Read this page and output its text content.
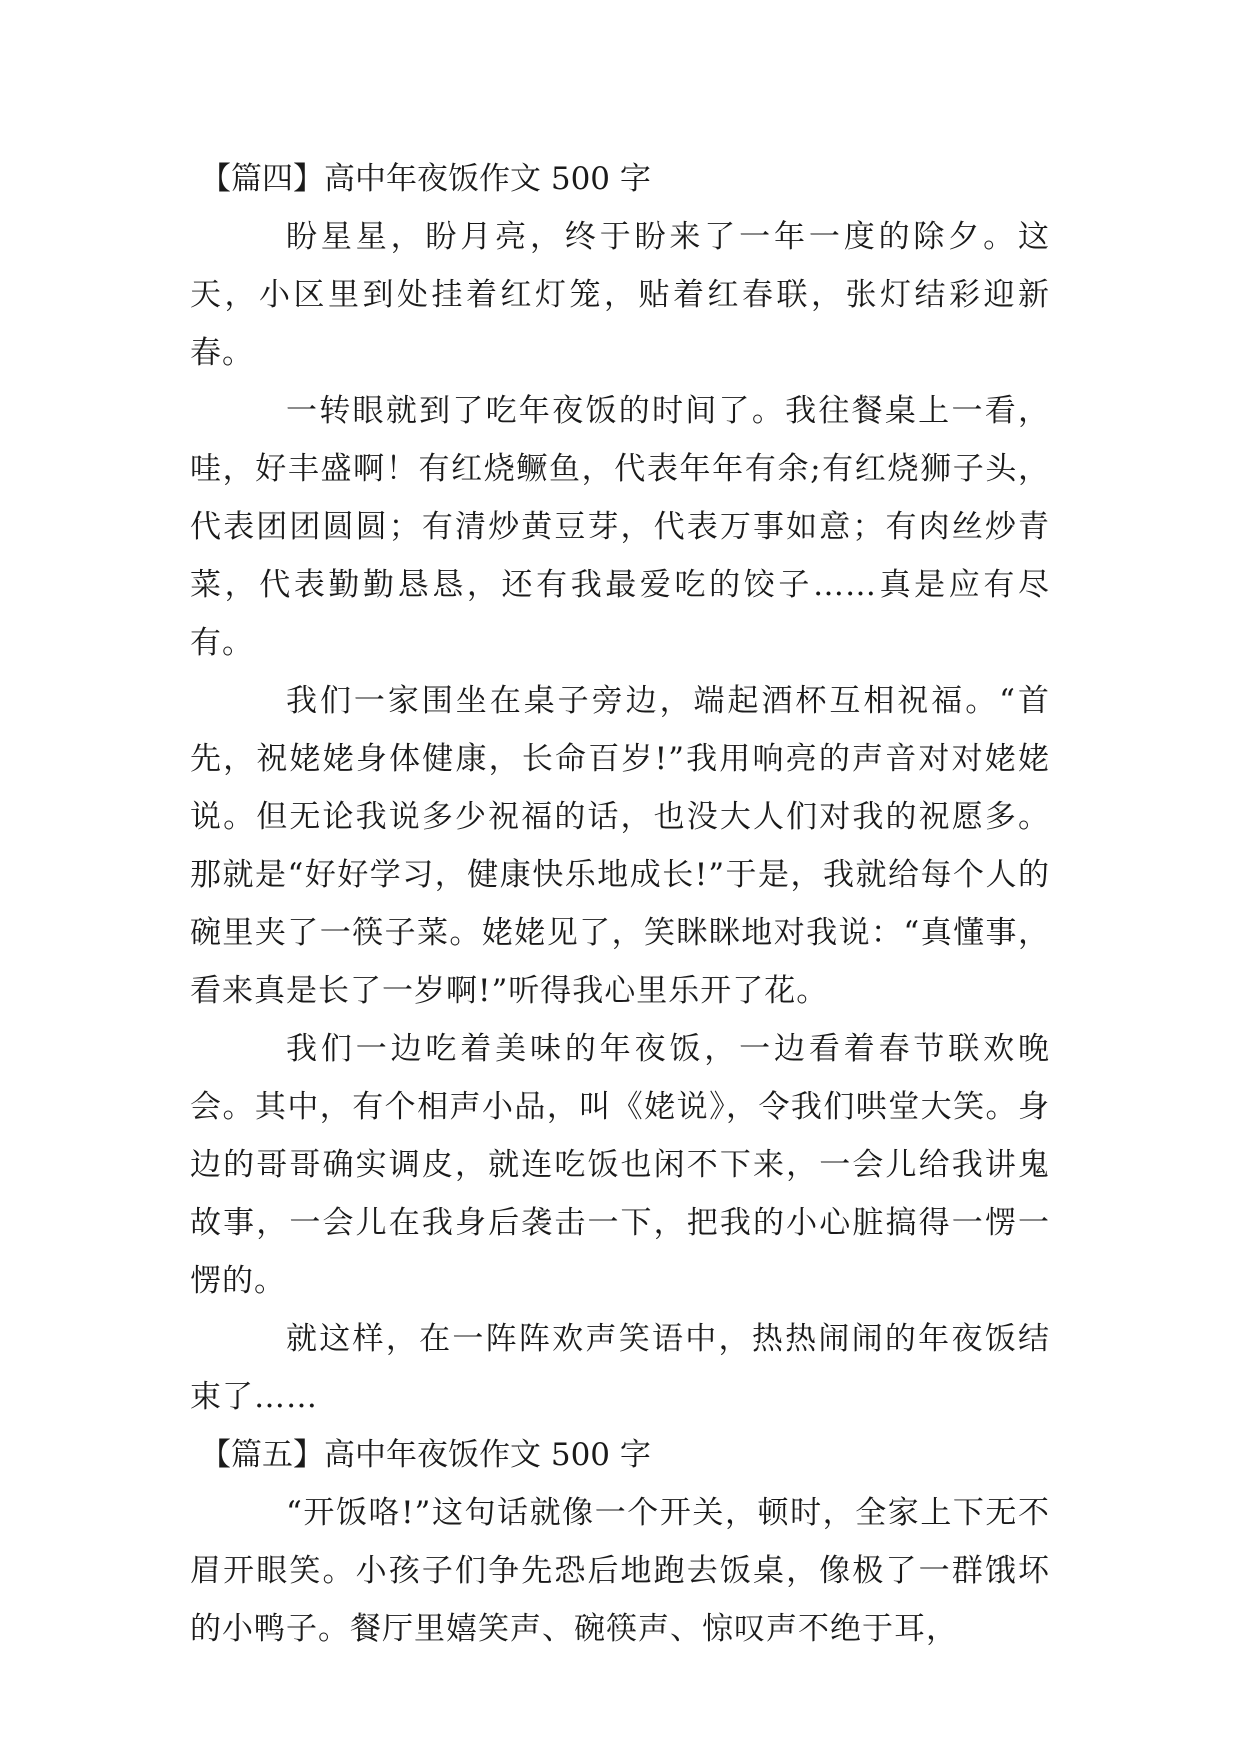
【篇四】高中年夜饭作文 500 字

盼星星，盼月亮，终于盼来了一年一度的除夕。这天，小区里到处挂着红灯笼，贴着红春联，张灯结彩迎新春。

一转眼就到了吃年夜饭的时间了。我往餐桌上一看，哇，好丰盛啊！有红烧鳜鱼，代表年年有余;有红烧狮子头，代表团团圆圆；有清炒黄豆芽，代表万事如意；有肉丝炒青菜，代表勤勤恳恳，还有我最爱吃的饺子……真是应有尽有。

我们一家围坐在桌子旁边，端起酒杯互相祝福。“首先，祝姥姥身体健康，长命百岁!”我用响亮的声音对对姥姥说。但无论我说多少祝福的话，也没大人们对我的祝愿多。那就是“好好学习，健康快乐地成长!”于是，我就给每个人的碗里夹了一筷子菜。姥姥见了，笑眯眯地对我说：“真懂事，看来真是长了一岁啊!”听得我心里乐开了花。

我们一边吃着美味的年夜饭，一边看着春节联欢晚会。其中，有个相声小品，叫《姥说》，令我们哄堂大笑。身边的哥哥确实调皮，就连吃饭也闲不下来，一会儿给我讲鬼故事，一会儿在我身后袭击一下，把我的小心脏搞得一愣一愣的。

就这样，在一阵阵欢声笑语中，热热闹闹的年夜饭结束了……

【篇五】高中年夜饭作文 500 字

“开饭咯!”这句话就像一个开关，顿时，全家上下无不眉开眼笑。小孩子们争先恐后地跑去饭桌，像极了一群饿坏的小鸭子。餐厅里嬉笑声、碗筷声、惊叹声不绝于耳，
